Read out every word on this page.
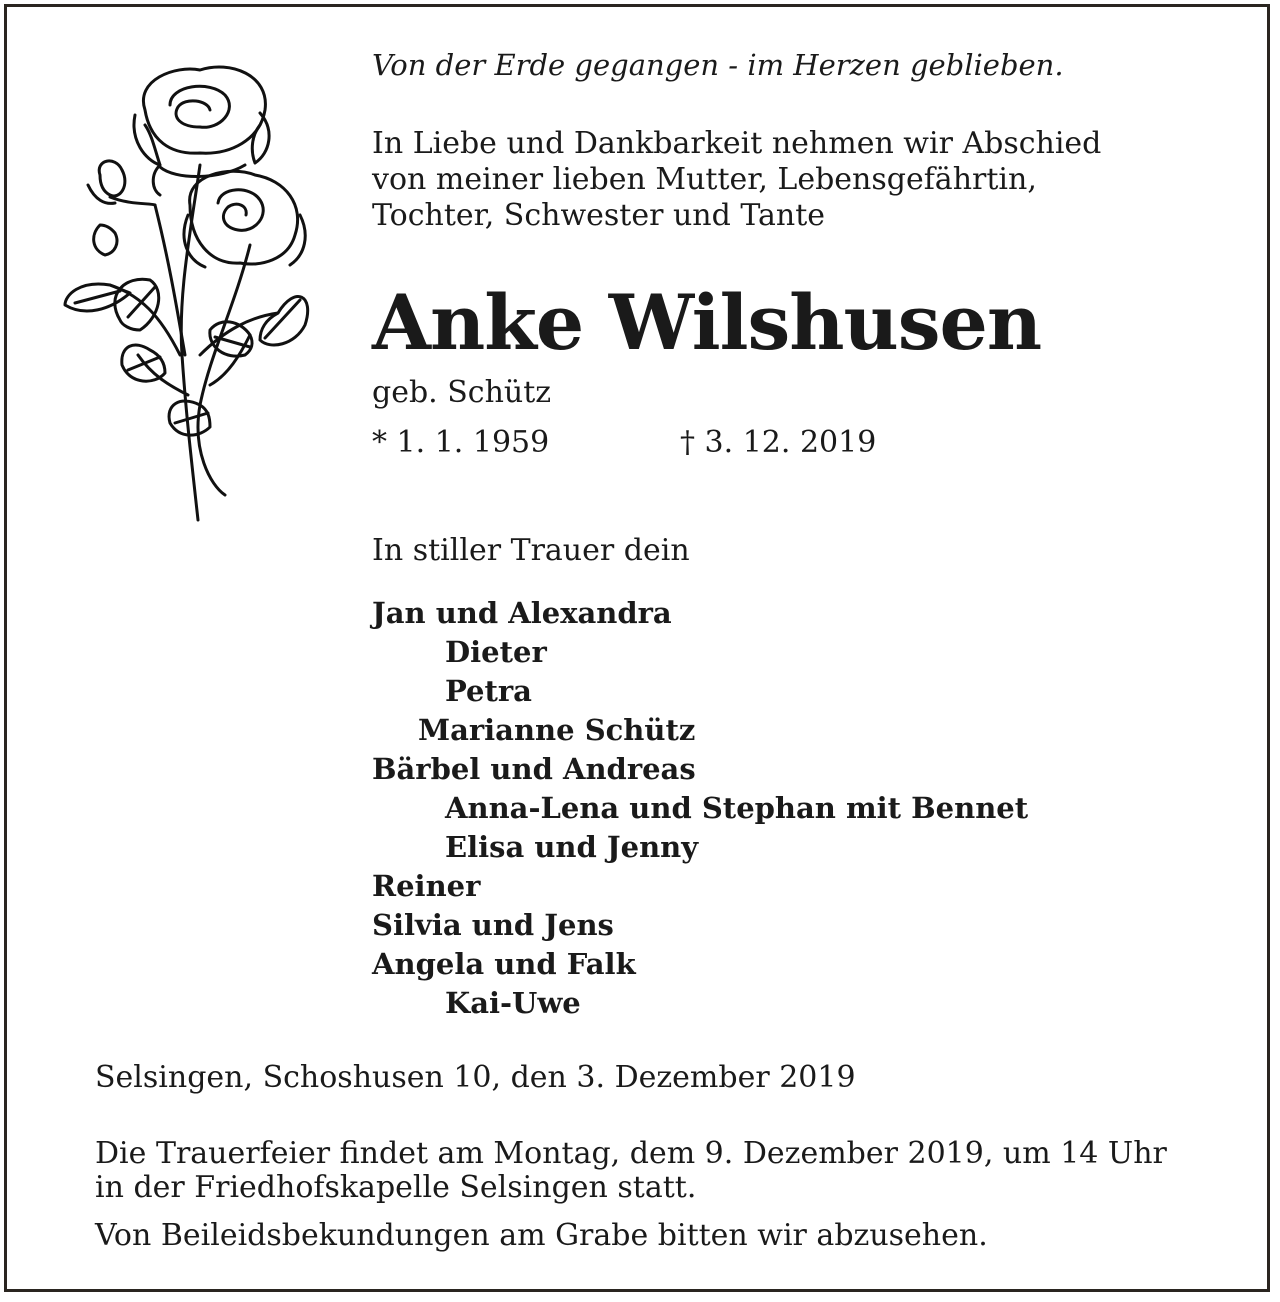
Von der Erde gegangen - im Herzen geblieben.
In Liebe und Dankbarkeit nehmen wir Abschied
von meiner lieben Mutter, Lebensgefährtin,
Tochter, Schwester und Tante
Anke Wilshusen
geb. Schütz
* 1. 1. 1959	† 3. 12. 2019
In stiller Trauer dein
Jan und Alexandra
Dieter
Petra
Marianne Schütz
Bärbel und Andreas
Anna-Lena und Stephan mit Bennet
Elisa und Jenny
Reiner
Silvia und Jens
Angela und Falk
Kai-Uwe
Selsingen, Schoshusen 10, den 3. Dezember 2019
Die Trauerfeier findet am Montag, dem 9. Dezember 2019, um 14 Uhr
in der Friedhofskapelle Selsingen statt.
Von Beileidsbekundungen am Grabe bitten wir abzusehen.
